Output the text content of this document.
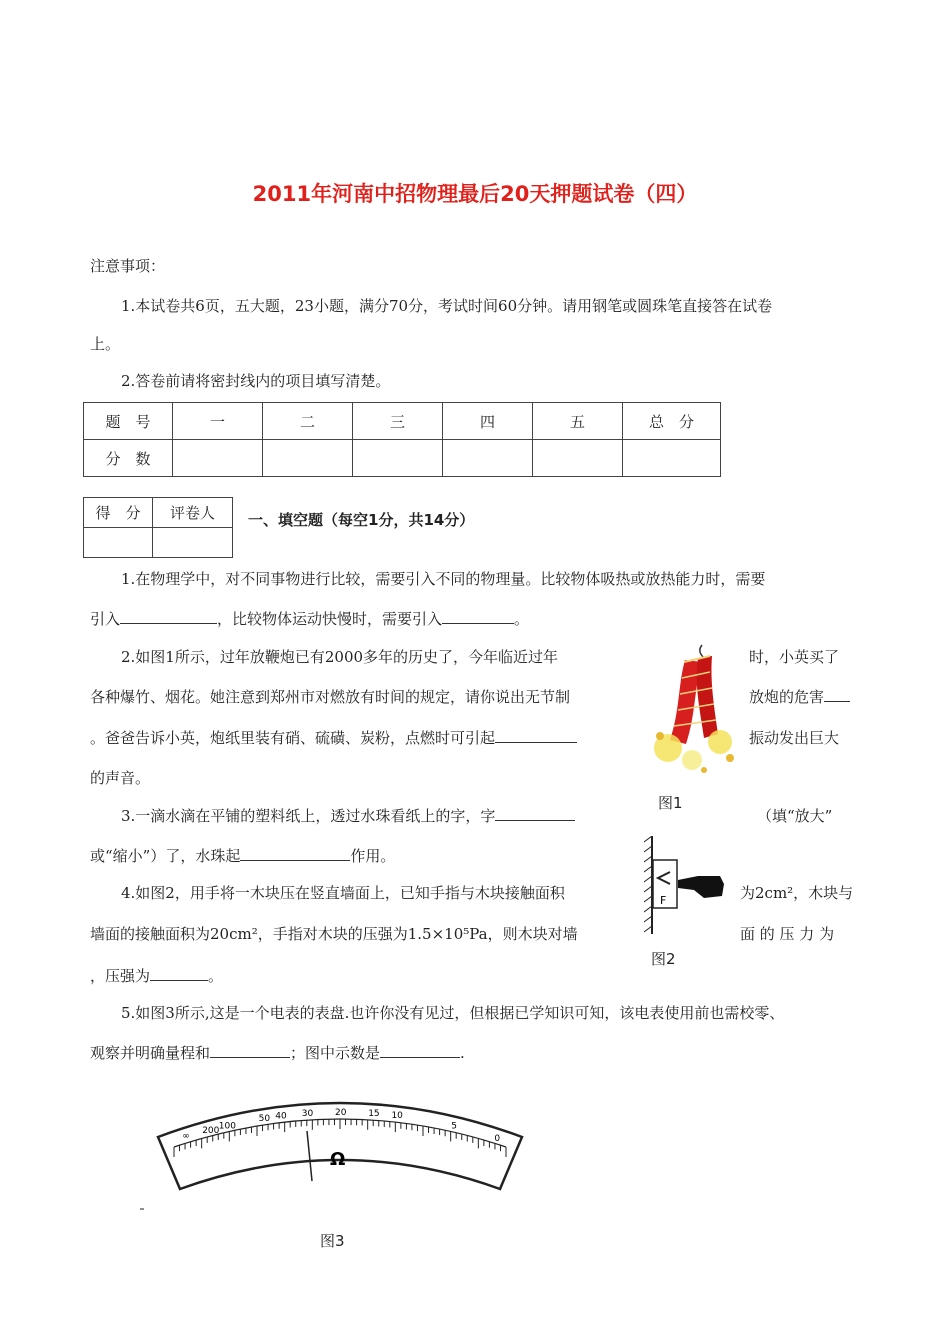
2011年河南中招物理最后20天押题试卷（四）
注意事项：
1.本试卷共6页，五大题，23小题，满分70分，考试时间60分钟。请用钢笔或圆珠笔直接答在试卷
上。
2.答卷前请将密封线内的项目填写清楚。
题　号	一	二	三	四	五	总　分
分　数						
得　分	评卷人
	一、填空题（每空1分，共14分）
1.在物理学中，对不同事物进行比较，需要引入不同的物理量。比较物体吸热或放热能力时，需要
引入	，比较物体运动快慢时，需要引入	。
2.如图1所示，过年放鞭炮已有2000多年的历史了，今年临近过年	时，小英买了
各种爆竹、烟花。她注意到郑州市对燃放有时间的规定，请你说出无节制	放炮的危害
。爸爸告诉小英，炮纸里装有硝、硫磺、炭粉，点燃时可引起	振动发出巨大
的声音。
图1
3.一滴水滴在平铺的塑料纸上，透过水珠看纸上的字，字	（填“放大”
或“缩小”）了，水珠起	作用。
4.如图2，用手将一木块压在竖直墙面上，已知手指与木块接触面积	为2cm²，木块与
墙面的接触面积为20cm²，手指对木块的压强为1.5×10⁵Pa，则木块对墙	面 的 压 力 为
，压强为	。
F
图2
5.如图3所示,这是一个电表的表盘.也许你没有见过，但根据已学知识可知，该电表使用前也需校零、
观察并明确量程和	；图中示数是	.
∞
200 100
50 40 30 20 15 10
5
0
Ω
图3
